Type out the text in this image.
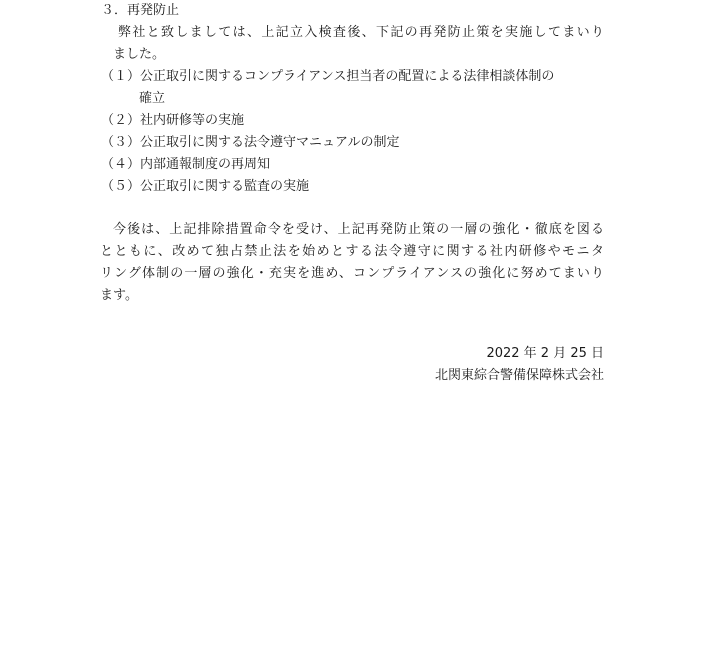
３．再発防止
弊社と致しましては、上記立入検査後、下記の再発防止策を実施してまいり
ました。
（１）公正取引に関するコンプライアンス担当者の配置による法律相談体制の
確立
（２）社内研修等の実施
（３）公正取引に関する法令遵守マニュアルの制定
（４）内部通報制度の再周知
（５）公正取引に関する監査の実施
今後は、上記排除措置命令を受け、上記再発防止策の一層の強化・徹底を図る
とともに、改めて独占禁止法を始めとする法令遵守に関する社内研修やモニタ
リング体制の一層の強化・充実を進め、コンプライアンスの強化に努めてまいり
ます。
2022 年 2 月 25 日
北関東綜合警備保障株式会社
